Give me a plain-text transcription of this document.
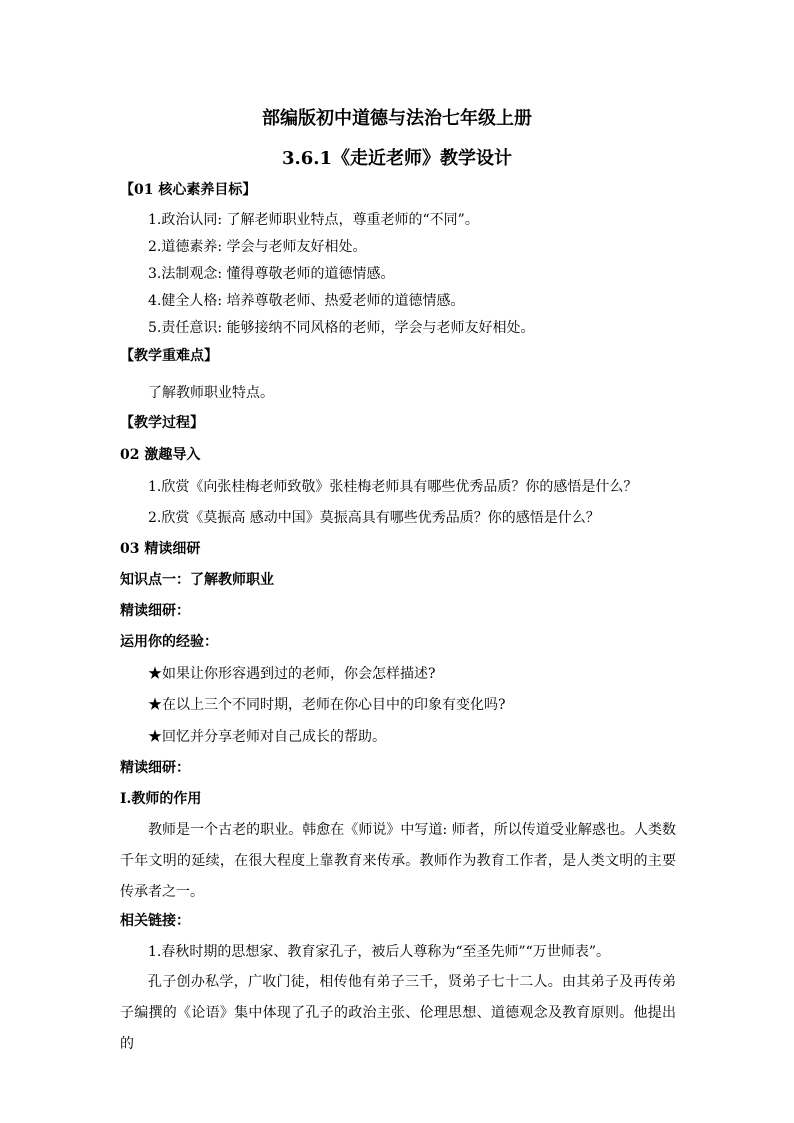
部编版初中道德与法治七年级上册
3.6.1《走近老师》教学设计
【01 核心素养目标】
1.政治认同: 了解老师职业特点，尊重老师的“不同”。
2.道德素养: 学会与老师友好相处。
3.法制观念: 懂得尊敬老师的道德情感。
4.健全人格: 培养尊敬老师、热爱老师的道德情感。
5.责任意识: 能够接纳不同风格的老师，学会与老师友好相处。
【教学重难点】
了解教师职业特点。
【教学过程】
02 激趣导入
1.欣赏《向张桂梅老师致敬》张桂梅老师具有哪些优秀品质？你的感悟是什么？
2.欣赏《莫振高 感动中国》莫振高具有哪些优秀品质？你的感悟是什么？
03 精读细研
知识点一：了解教师职业
精读细研：
运用你的经验：
★如果让你形容遇到过的老师，你会怎样描述?
★在以上三个不同时期，老师在你心目中的印象有变化吗?
★回忆并分享老师对自己成长的帮助。
精读细研：
Ⅰ.教师的作用
教师是一个古老的职业。韩愈在《师说》中写道: 师者，所以传道受业解惑也。人类数千年文明的延续，在很大程度上靠教育来传承。教师作为教育工作者，是人类文明的主要传承者之一。
相关链接：
1.春秋时期的思想家、教育家孔子，被后人尊称为“至圣先师”“万世师表”。
孔子创办私学，广收门徒，相传他有弟子三千，贤弟子七十二人。由其弟子及再传弟子编撰的《论语》集中体现了孔子的政治主张、伦理思想、道德观念及教育原则。他提出的
